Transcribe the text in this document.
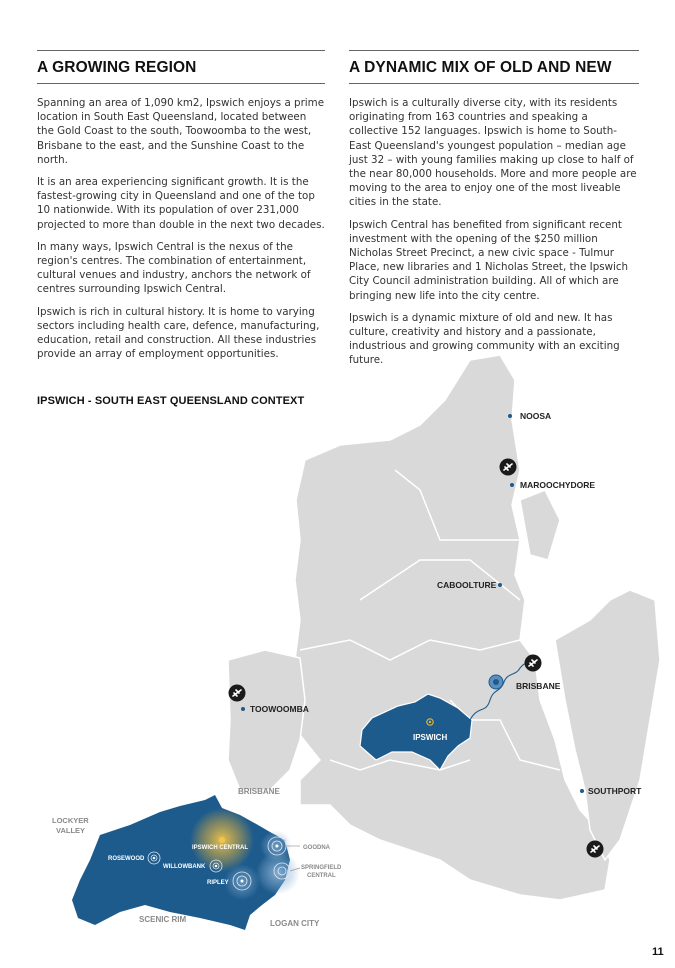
A GROWING REGION

Spanning an area of 1,090 km2, Ipswich enjoys a prime location in South East Queensland, located between the Gold Coast to the south, Toowoomba to the west, Brisbane to the east, and the Sunshine Coast to the north.

It is an area experiencing significant growth. It is the fastest-growing city in Queensland and one of the top 10 nationwide. With its population of over 231,000 projected to more than double in the next two decades.

In many ways, Ipswich Central is the nexus of the region's centres. The combination of entertainment, cultural venues and industry, anchors the network of centres surrounding Ipswich Central.

Ipswich is rich in cultural history. It is home to varying sectors including health care, defence, manufacturing, education, retail and construction. All these industries provide an array of employment opportunities.

A DYNAMIC MIX OF OLD AND NEW

Ipswich is a culturally diverse city, with its residents originating from 163 countries and speaking a collective 152 languages. Ipswich is home to South-East Queensland's youngest population – median age just 32 – with young families making up close to half of the near 80,000 households. More and more people are moving to the area to enjoy one of the most liveable cities in the state.

Ipswich Central has benefited from significant recent investment with the opening of the $250 million Nicholas Street Precinct, a new civic space - Tulmur Place, new libraries and 1 Nicholas Street, the Ipswich City Council administration building. All of which are bringing new life into the city centre.

Ipswich is a dynamic mixture of old and new. It has culture, creativity and history and a passionate, industrious and growing community with an exciting future.

NOOSA
MAROOCHYDORE
CABOOLTURE
BRISBANE
TOOWOOMBA
IPSWICH
SOUTHPORT
BRISBANE
LOCKYER
VALLEY
ROSEWOOD
IPSWICH CENTRAL
WILLOWBANK
RIPLEY
GOODNA
SPRINGFIELD
CENTRAL
SCENIC RIM	LOGAN CITY
IPSWICH - SOUTH EAST QUEENSLAND CONTEXT
11
